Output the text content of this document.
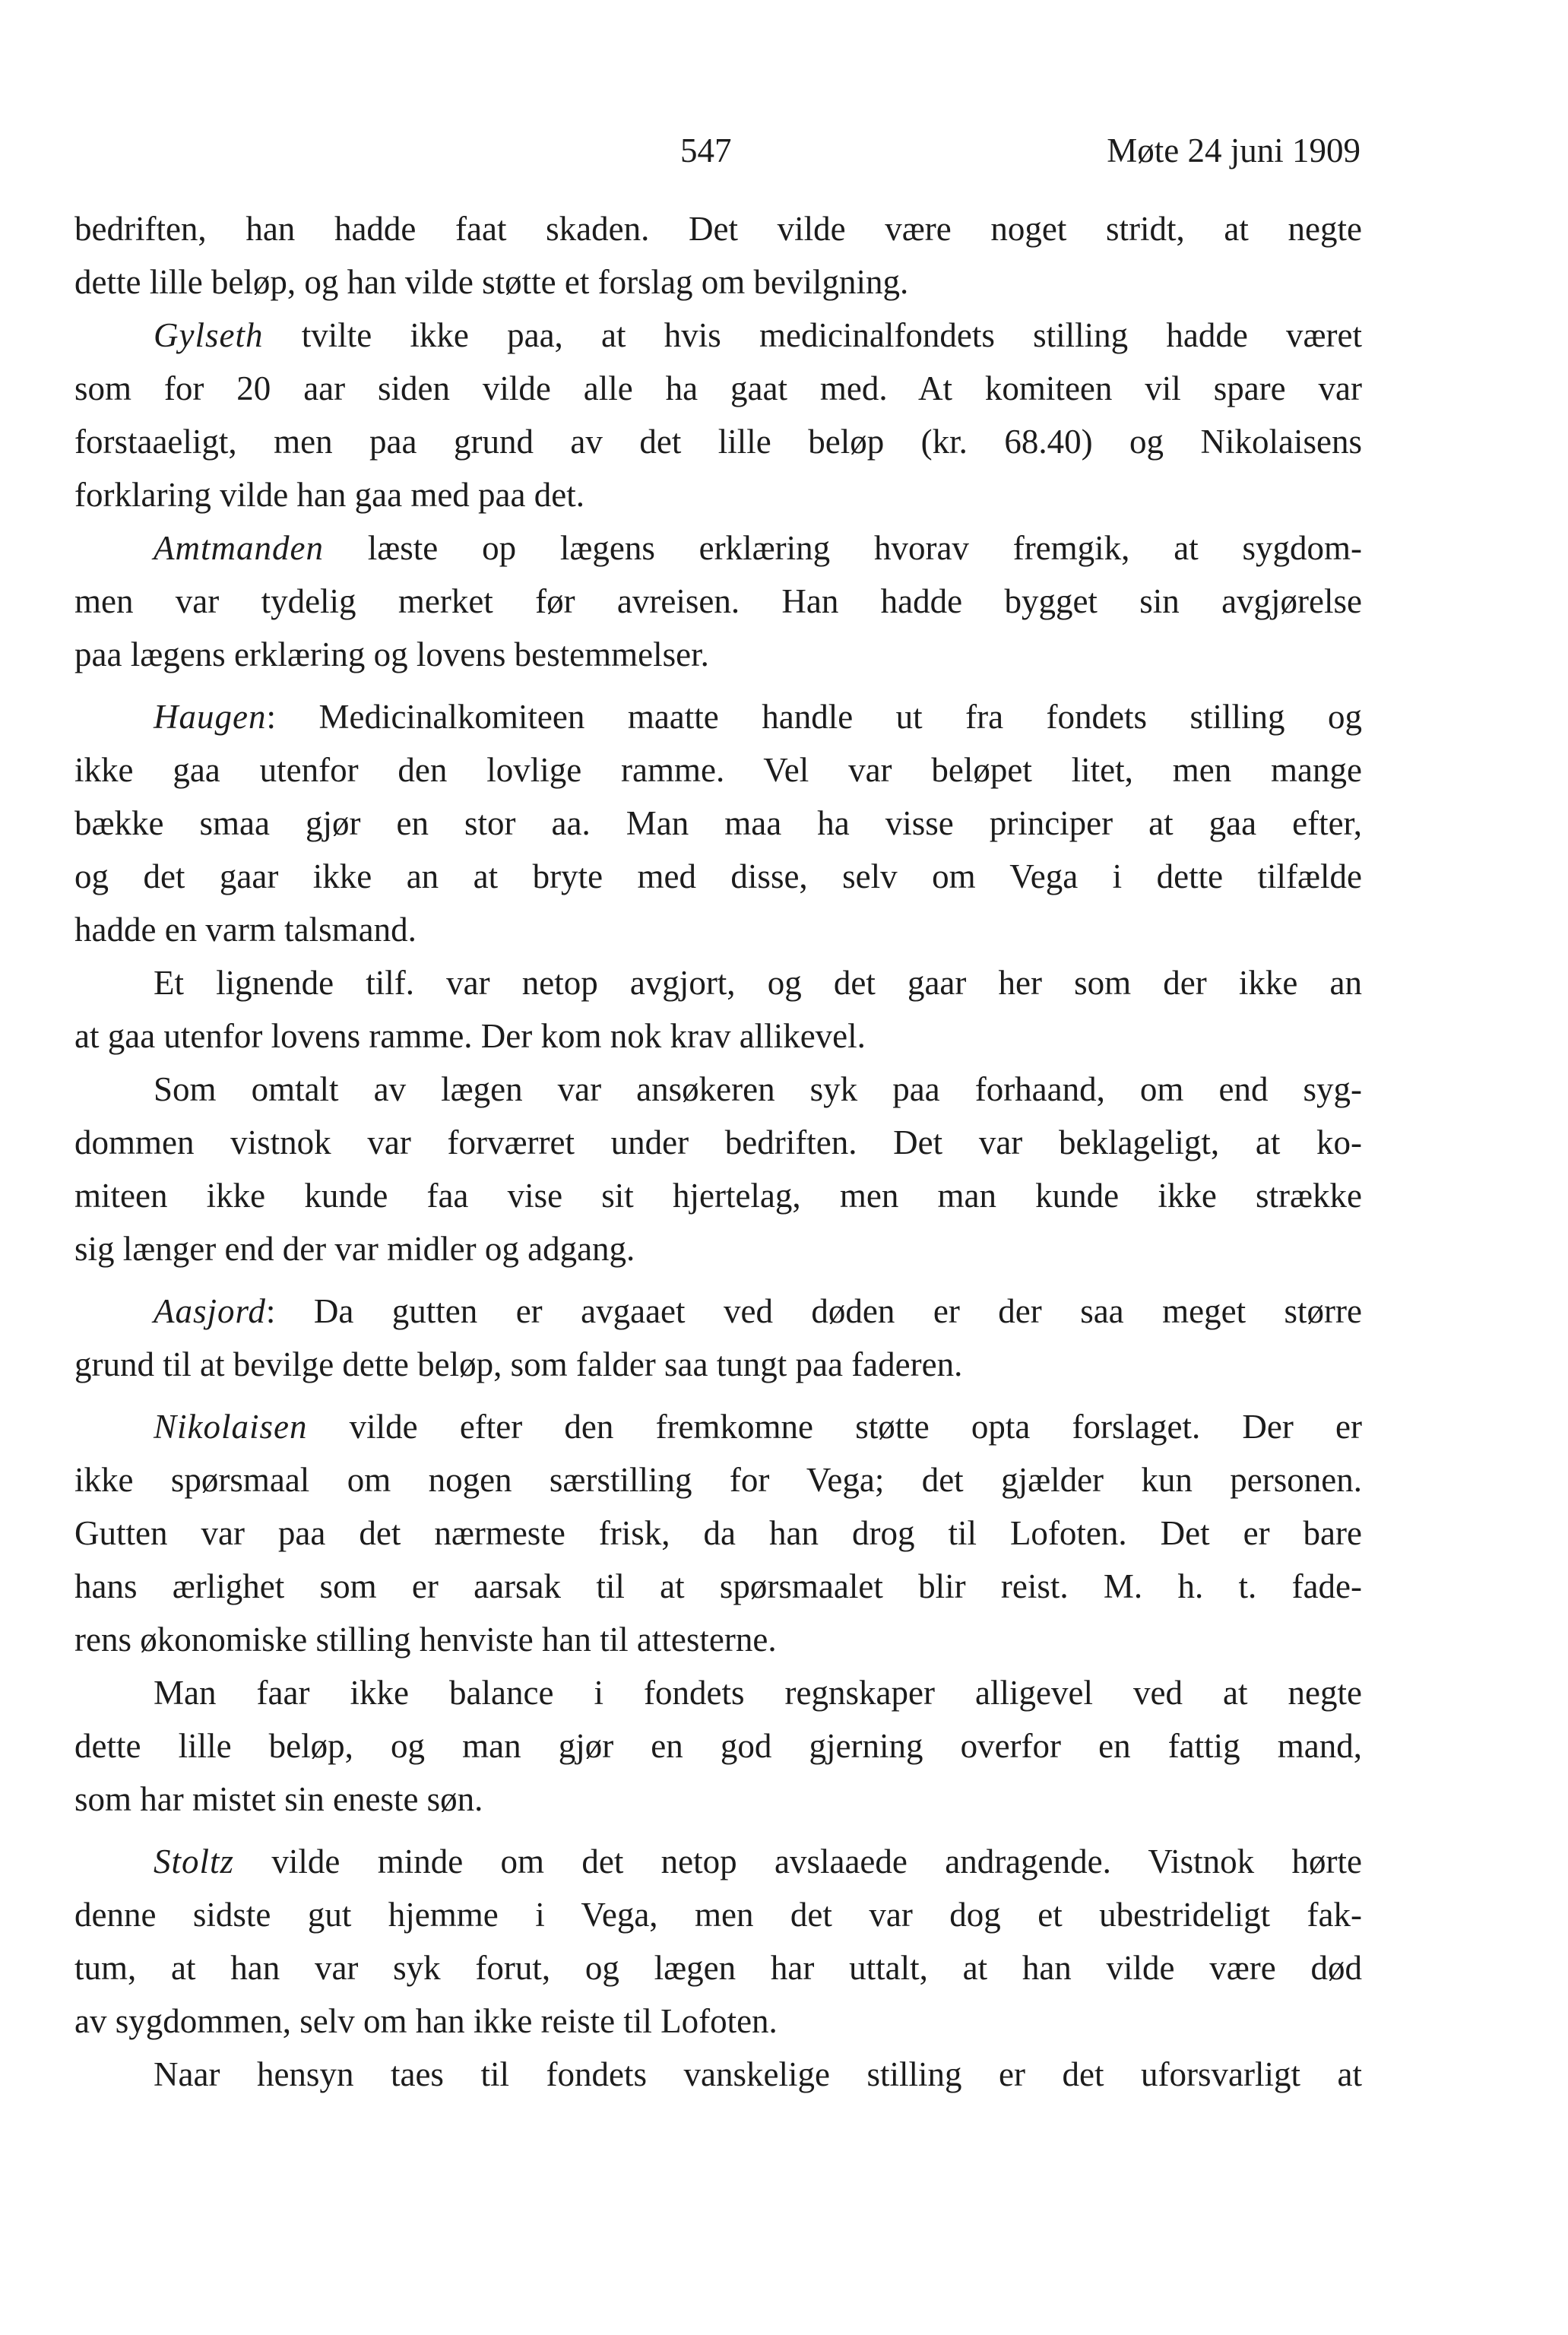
547	Møte 24 juni 1909
bedriften, han hadde faat skaden. Det vilde være noget stridt, at negte
dette lille beløp, og han vilde støtte et forslag om bevilgning.
Gylseth tvilte ikke paa, at hvis medicinalfondets stilling hadde været
som for 20 aar siden vilde alle ha gaat med. At komiteen vil spare var
forstaaeligt, men paa grund av det lille beløp (kr. 68.40) og Nikolaisens
forklaring vilde han gaa med paa det.
Amtmanden læste op lægens erklæring hvorav fremgik, at sygdom-
men var tydelig merket før avreisen. Han hadde bygget sin avgjørelse
paa lægens erklæring og lovens bestemmelser.
Haugen: Medicinalkomiteen maatte handle ut fra fondets stilling og
ikke gaa utenfor den lovlige ramme. Vel var beløpet litet, men mange
bække smaa gjør en stor aa. Man maa ha visse principer at gaa efter,
og det gaar ikke an at bryte med disse, selv om Vega i dette tilfælde
hadde en varm talsmand.
Et lignende tilf. var netop avgjort, og det gaar her som der ikke an
at gaa utenfor lovens ramme. Der kom nok krav allikevel.
Som omtalt av lægen var ansøkeren syk paa forhaand, om end syg-
dommen vistnok var forværret under bedriften. Det var beklageligt, at ko-
miteen ikke kunde faa vise sit hjertelag, men man kunde ikke strække
sig længer end der var midler og adgang.
Aasjord: Da gutten er avgaaet ved døden er der saa meget større
grund til at bevilge dette beløp, som falder saa tungt paa faderen.
Nikolaisen vilde efter den fremkomne støtte opta forslaget. Der er
ikke spørsmaal om nogen særstilling for Vega; det gjælder kun personen.
Gutten var paa det nærmeste frisk, da han drog til Lofoten. Det er bare
hans ærlighet som er aarsak til at spørsmaalet blir reist. M. h. t. fade-
rens økonomiske stilling henviste han til attesterne.
Man faar ikke balance i fondets regnskaper alligevel ved at negte
dette lille beløp, og man gjør en god gjerning overfor en fattig mand,
som har mistet sin eneste søn.
Stoltz vilde minde om det netop avslaaede andragende. Vistnok hørte
denne sidste gut hjemme i Vega, men det var dog et ubestrideligt fak-
tum, at han var syk forut, og lægen har uttalt, at han vilde være død
av sygdommen, selv om han ikke reiste til Lofoten.
Naar hensyn taes til fondets vanskelige stilling er det uforsvarligt at
